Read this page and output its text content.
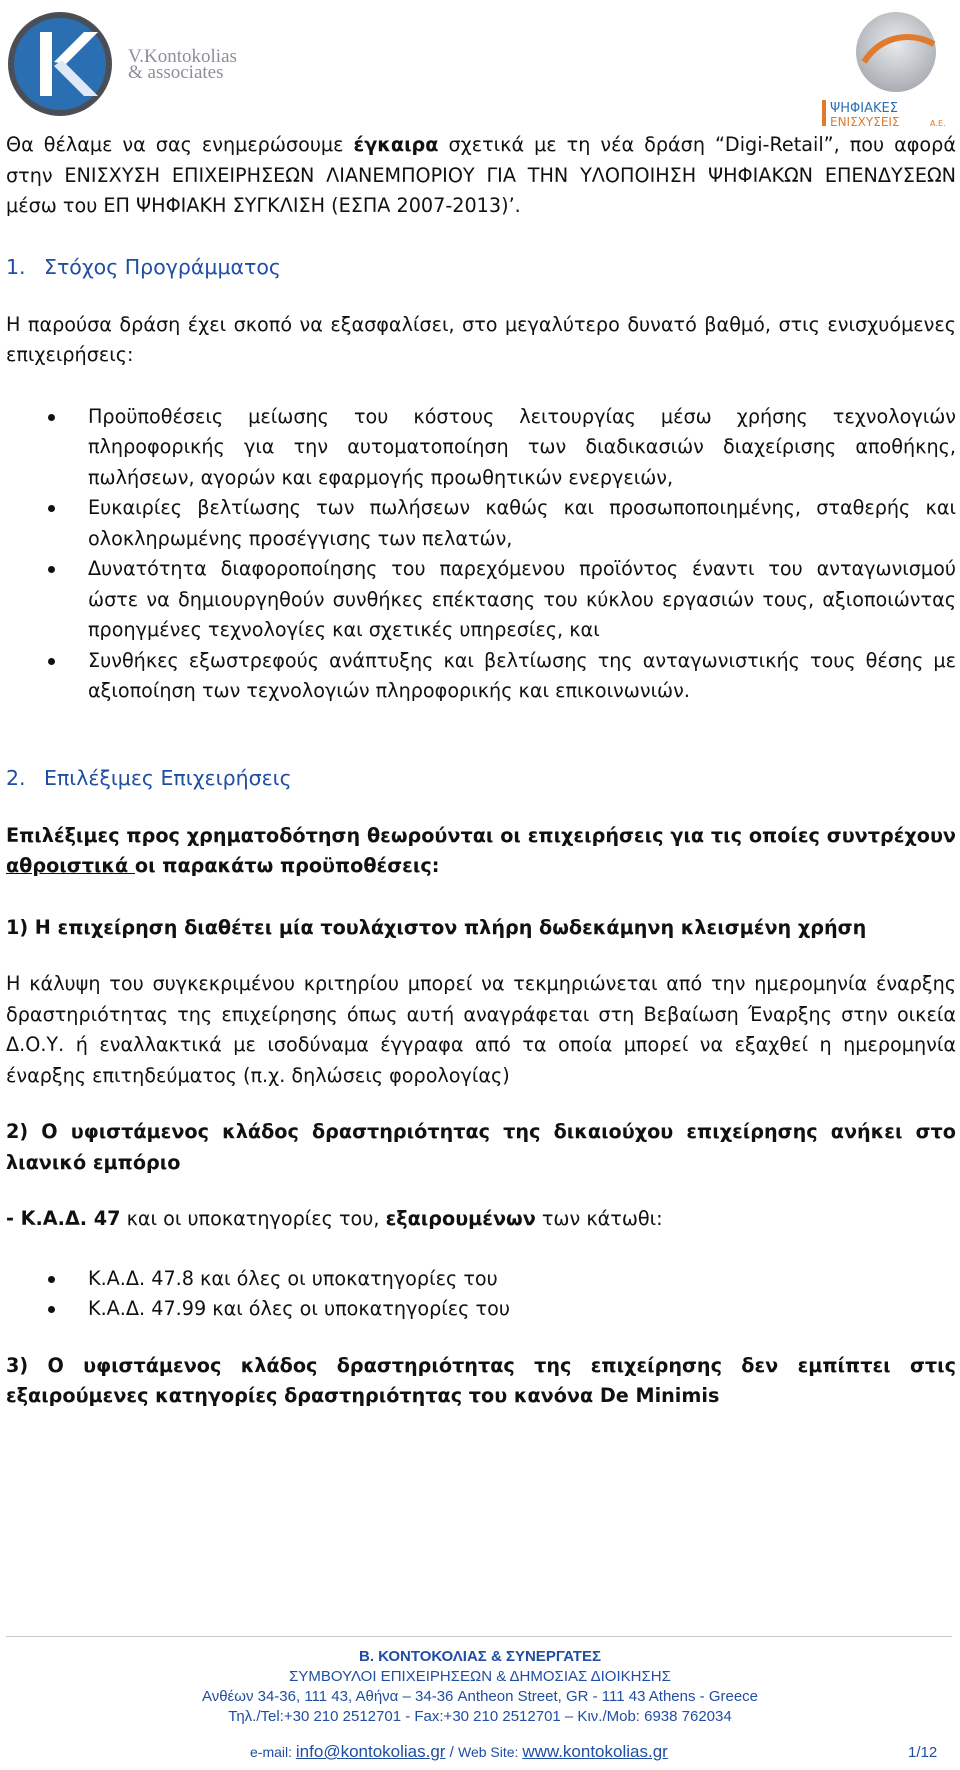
V.Kontokolias
& associates
ΨΗΦΙΑΚΕΣ
ΕΝΙΣΧΥΣΕΙΣ	Α.Ε.

Θα θέλαμε να σας ενημερώσουμε έγκαιρα σχετικά με τη νέα δράση “Digi-Retail”, που αφορά στην ΕΝΙΣΧΥΣΗ ΕΠΙΧΕΙΡΗΣΕΩΝ ΛΙΑΝΕΜΠΟΡΙΟΥ ΓΙΑ ΤΗΝ ΥΛΟΠΟΙΗΣΗ ΨΗΦΙΑΚΩΝ ΕΠΕΝΔΥΣΕΩΝ μέσω του ΕΠ ΨΗΦΙΑΚΗ ΣΥΓΚΛΙΣΗ (ΕΣΠΑ 2007-2013)’.

1. Στόχος Προγράμματος

Η παρούσα δράση έχει σκοπό να εξασφαλίσει, στο μεγαλύτερο δυνατό βαθμό, στις ενισχυόμενες επιχειρήσεις:

Προϋποθέσεις μείωσης του κόστους λειτουργίας μέσω χρήσης τεχνολογιών πληροφορικής για την αυτοματοποίηση των διαδικασιών διαχείρισης αποθήκης, πωλήσεων, αγορών και εφαρμογής προωθητικών ενεργειών,
Ευκαιρίες βελτίωσης των πωλήσεων καθώς και προσωποποιημένης, σταθερής και ολοκληρωμένης προσέγγισης των πελατών,
Δυνατότητα διαφοροποίησης του παρεχόμενου προϊόντος έναντι του ανταγωνισμού ώστε να δημιουργηθούν συνθήκες επέκτασης του κύκλου εργασιών τους, αξιοποιώντας προηγμένες τεχνολογίες και σχετικές υπηρεσίες, και
Συνθήκες εξωστρεφούς ανάπτυξης και βελτίωσης της ανταγωνιστικής τους θέσης με αξιοποίηση των τεχνολογιών πληροφορικής και επικοινωνιών.
2. Επιλέξιμες Επιχειρήσεις

Επιλέξιμες προς χρηματοδότηση θεωρούνται οι επιχειρήσεις για τις οποίες συντρέχουν αθροιστικά οι παρακάτω προϋποθέσεις:

1) Η επιχείρηση διαθέτει μία τουλάχιστον πλήρη δωδεκάμηνη κλεισμένη χρήση

Η κάλυψη του συγκεκριμένου κριτηρίου μπορεί να τεκμηριώνεται από την ημερομηνία έναρξης δραστηριότητας της επιχείρησης όπως αυτή αναγράφεται στη Βεβαίωση Έναρξης στην οικεία Δ.Ο.Υ. ή εναλλακτικά με ισοδύναμα έγγραφα από τα οποία μπορεί να εξαχθεί η ημερομηνία έναρξης επιτηδεύματος (π.χ. δηλώσεις φορολογίας)

2) Ο υφιστάμενος κλάδος δραστηριότητας της δικαιούχου επιχείρησης ανήκει στο λιανικό εμπόριο

- Κ.Α.Δ. 47 και οι υποκατηγορίες του, εξαιρουμένων των κάτωθι:

Κ.Α.Δ. 47.8 και όλες οι υποκατηγορίες του
Κ.Α.Δ. 47.99 και όλες οι υποκατηγορίες του

3) Ο υφιστάμενος κλάδος δραστηριότητας της επιχείρησης δεν εμπίπτει στις εξαιρούμενες κατηγορίες δραστηριότητας του κανόνα De Minimis

Β. ΚΟΝΤΟΚΟΛΙΑΣ & ΣΥΝΕΡΓΑΤΕΣ
ΣΥΜΒΟΥΛΟΙ ΕΠΙΧΕΙΡΗΣΕΩΝ & ΔΗΜΟΣΙΑΣ ΔΙΟΙΚΗΣΗΣ
Ανθέων 34-36, 111 43, Αθήνα – 34-36 Antheon Street, GR - 111 43 Athens - Greece
Τηλ./Tel:+30 210 2512701 - Fax:+30 210 2512701 – Κιν./Mob: 6938 762034
e-mail: info@kontokolias.gr / Web Site: www.kontokolias.gr	1/12
